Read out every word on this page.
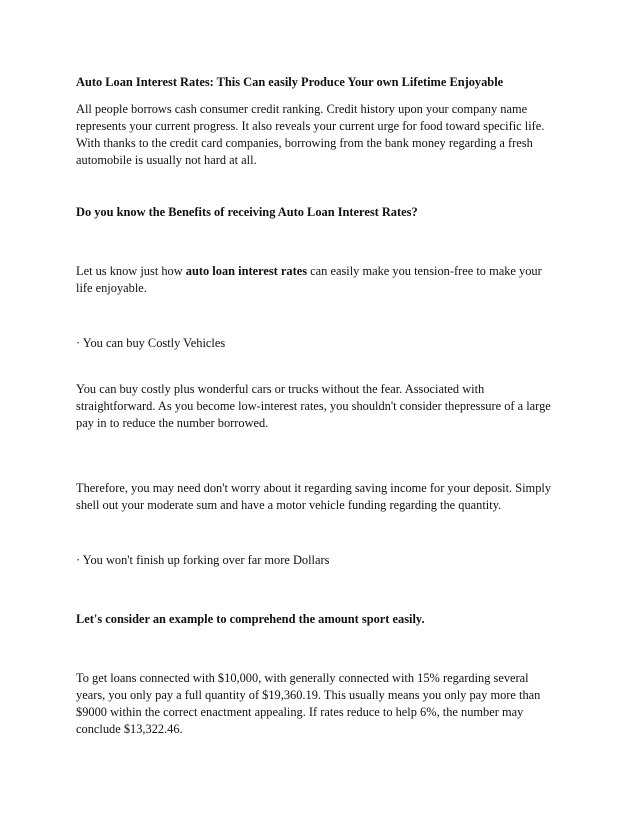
Auto Loan Interest Rates: This Can easily Produce Your own Lifetime Enjoyable

All people borrows cash consumer credit ranking. Credit history upon your company name
represents your current progress. It also reveals your current urge for food toward specific life.
With thanks to the credit card companies, borrowing from the bank money regarding a fresh
automobile is usually not hard at all.

Do you know the Benefits of receiving Auto Loan Interest Rates?

Let us know just how auto loan interest rates can easily make you tension-free to make your
life enjoyable.

· You can buy Costly Vehicles

You can buy costly plus wonderful cars or trucks without the fear. Associated with
straightforward. As you become low-interest rates, you shouldn't consider thepressure of a large
pay in to reduce the number borrowed.

Therefore, you may need don't worry about it regarding saving income for your deposit. Simply
shell out your moderate sum and have a motor vehicle funding regarding the quantity.

· You won't finish up forking over far more Dollars

Let's consider an example to comprehend the amount sport easily.

To get loans connected with $10,000, with generally connected with 15% regarding several
years, you only pay a full quantity of $19,360.19. This usually means you only pay more than
$9000 within the correct enactment appealing. If rates reduce to help 6%, the number may
conclude $13,322.46.
